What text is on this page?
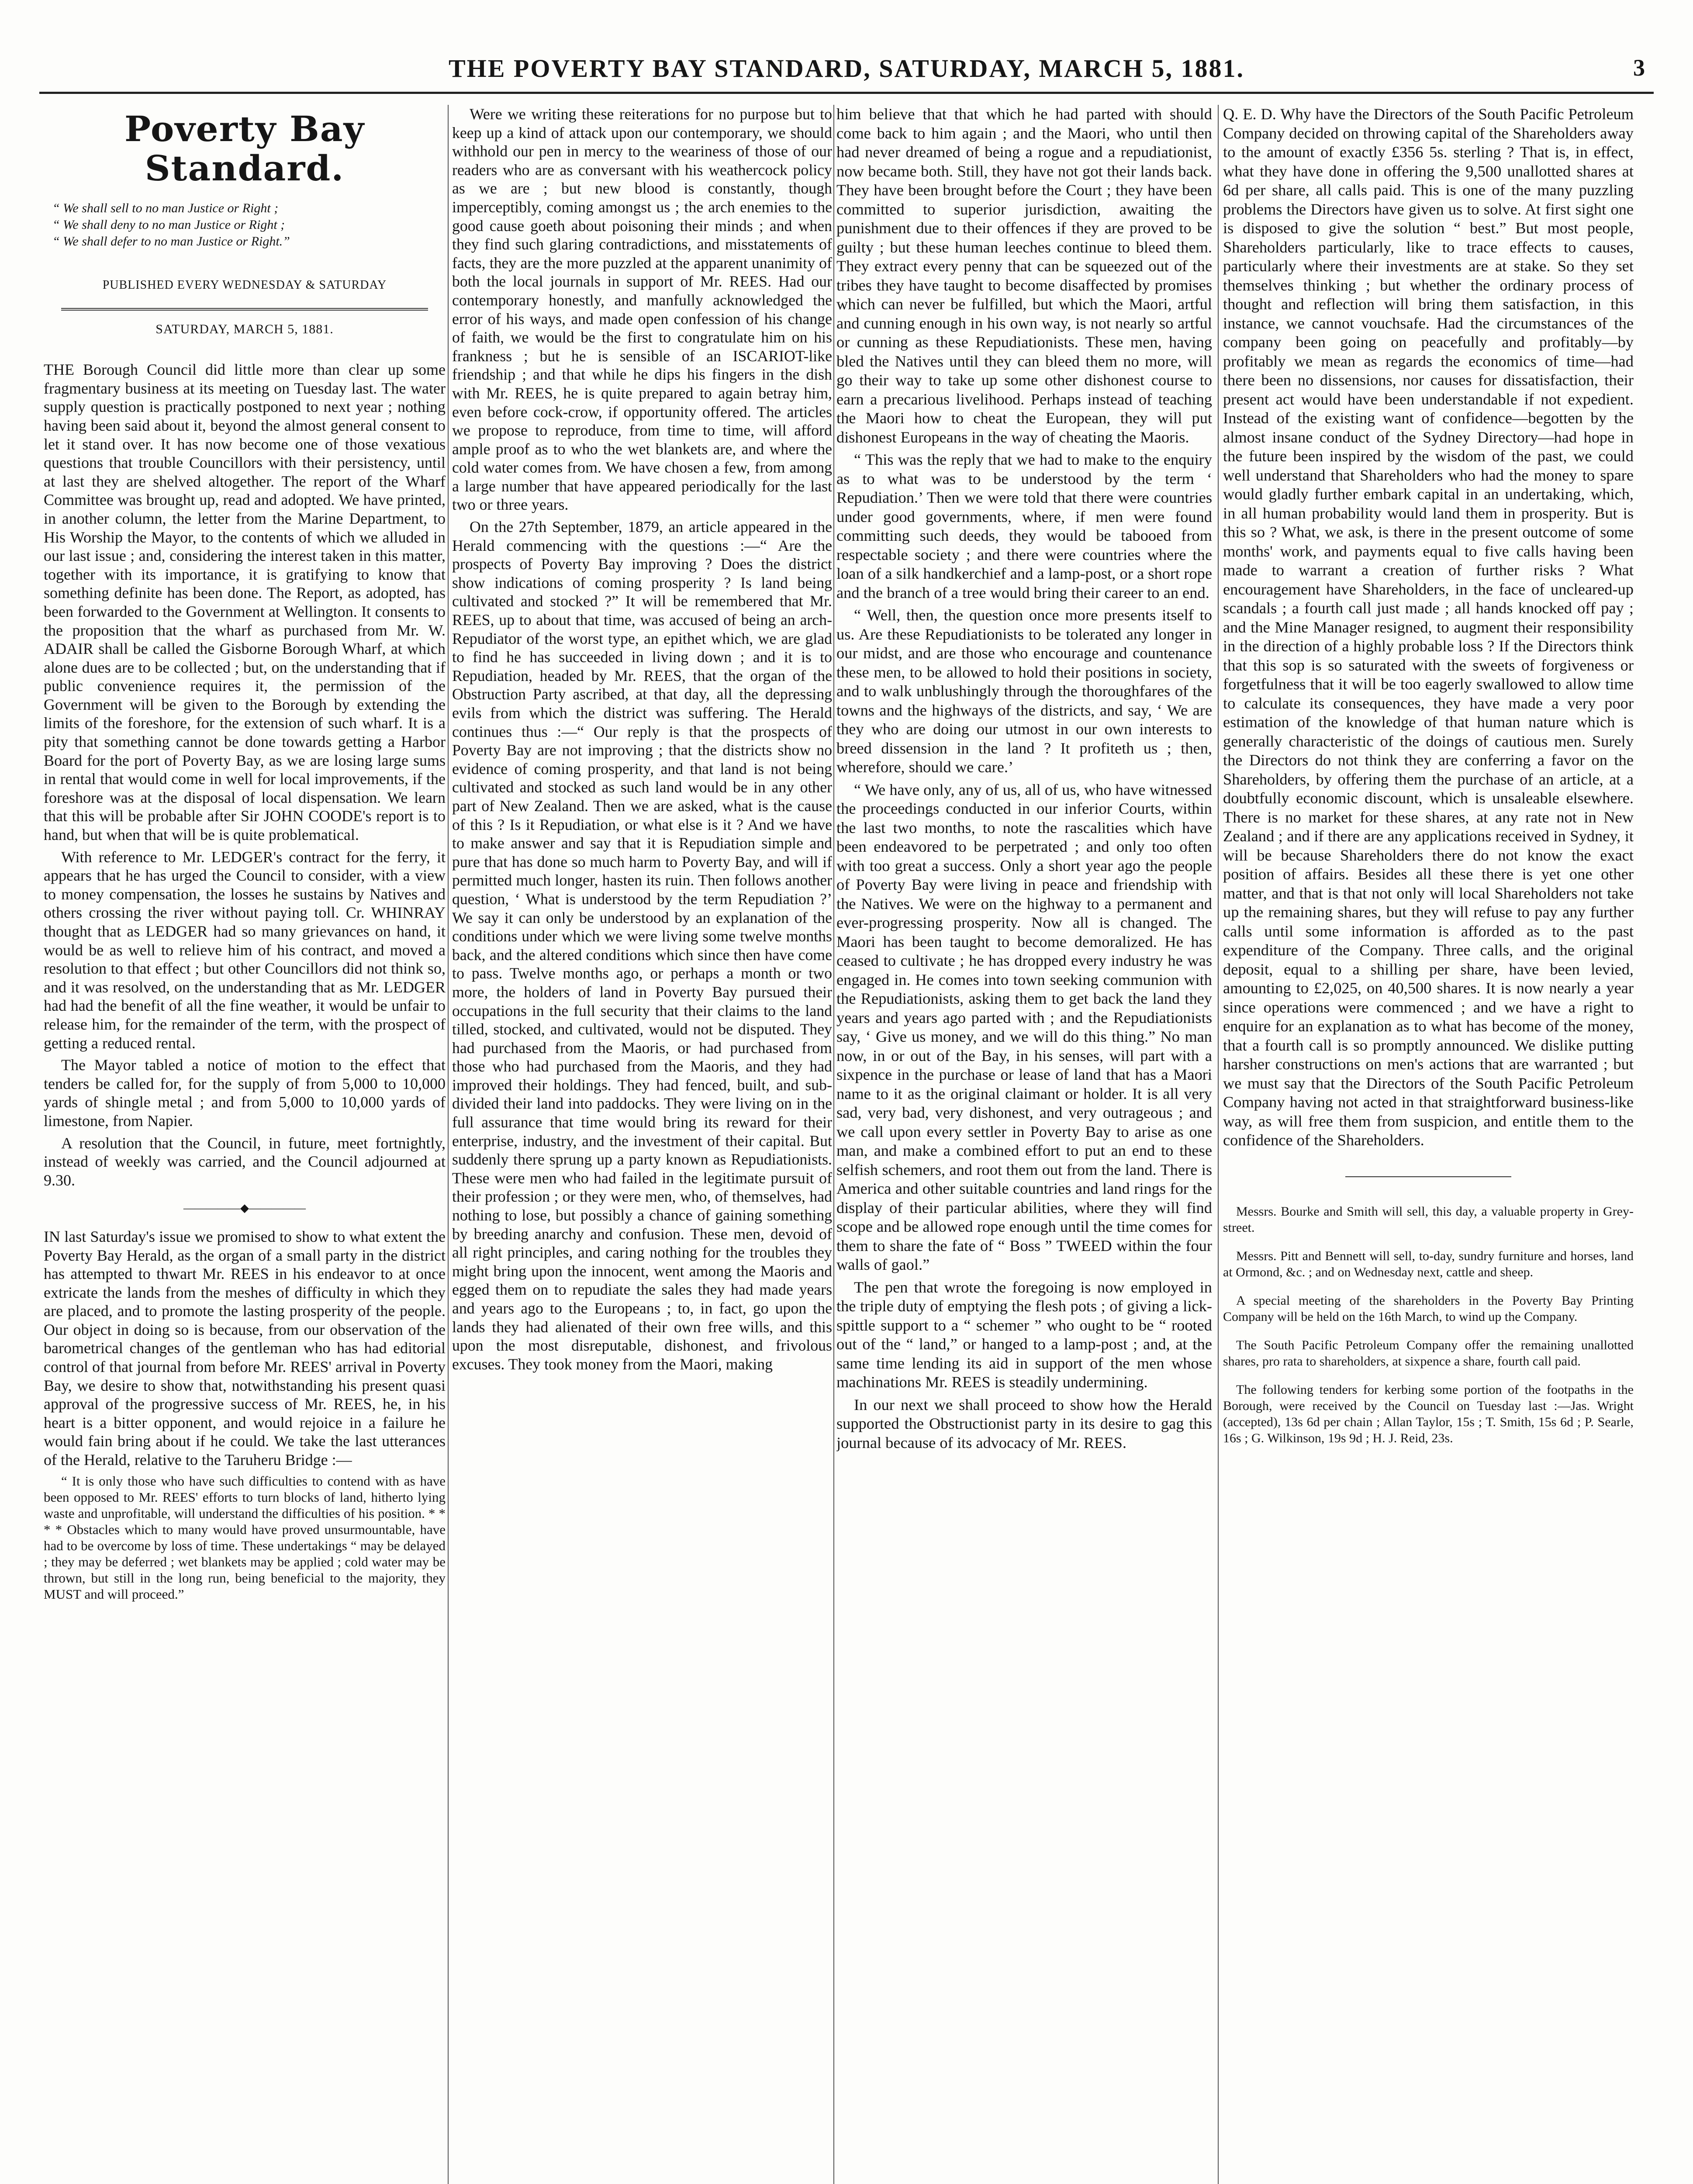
THE POVERTY BAY STANDARD, SATURDAY, MARCH 5, 1881.	3
Poverty Bay Standard.
“ We shall sell to no man Justice or Right ;
“ We shall deny to no man Justice or Right ;
“ We shall defer to no man Justice or Right.”
PUBLISHED EVERY WEDNESDAY & SATURDAY
SATURDAY, MARCH 5, 1881.

THE Borough Council did little more than clear up some fragmentary business at its meeting on Tuesday last. The water supply question is practically postponed to next year ; nothing having been said about it, beyond the almost general consent to let it stand over. It has now become one of those vexatious questions that trouble Councillors with their persistency, until at last they are shelved altogether. The report of the Wharf Committee was brought up, read and adopted. We have printed, in another column, the letter from the Marine Department, to His Worship the Mayor, to the contents of which we alluded in our last issue ; and, considering the interest taken in this matter, together with its importance, it is gratifying to know that something definite has been done. The Report, as adopted, has been forwarded to the Government at Wellington. It consents to the proposition that the wharf as purchased from Mr. W. ADAIR shall be called the Gisborne Borough Wharf, at which alone dues are to be collected ; but, on the understanding that if public convenience requires it, the permission of the Government will be given to the Borough by extending the limits of the foreshore, for the extension of such wharf. It is a pity that something cannot be done towards getting a Harbor Board for the port of Poverty Bay, as we are losing large sums in rental that would come in well for local improvements, if the foreshore was at the disposal of local dispensation. We learn that this will be probable after Sir JOHN COODE's report is to hand, but when that will be is quite problematical.

With reference to Mr. LEDGER's contract for the ferry, it appears that he has urged the Council to consider, with a view to money compensation, the losses he sustains by Natives and others crossing the river without paying toll. Cr. WHINRAY thought that as LEDGER had so many grievances on hand, it would be as well to relieve him of his contract, and moved a resolution to that effect ; but other Councillors did not think so, and it was resolved, on the understanding that as Mr. LEDGER had had the benefit of all the fine weather, it would be unfair to release him, for the remainder of the term, with the prospect of getting a reduced rental.

The Mayor tabled a notice of motion to the effect that tenders be called for, for the supply of from 5,000 to 10,000 yards of shingle metal ; and from 5,000 to 10,000 yards of limestone, from Napier.

A resolution that the Council, in future, meet fortnightly, instead of weekly was carried, and the Council adjourned at 9.30.

—————◆—————

IN last Saturday's issue we promised to show to what extent the Poverty Bay Herald, as the organ of a small party in the district has attempted to thwart Mr. REES in his endeavor to at once extricate the lands from the meshes of difficulty in which they are placed, and to promote the lasting prosperity of the people. Our object in doing so is because, from our observation of the barometrical changes of the gentleman who has had editorial control of that journal from before Mr. REES' arrival in Poverty Bay, we desire to show that, notwithstanding his present quasi approval of the progressive success of Mr. REES, he, in his heart is a bitter opponent, and would rejoice in a failure he would fain bring about if he could. We take the last utterances of the Herald, relative to the Taruheru Bridge :—

“ It is only those who have such difficulties to contend with as have been opposed to Mr. REES' efforts to turn blocks of land, hitherto lying waste and unprofitable, will understand the difficulties of his position. * * * * Obstacles which to many would have proved unsurmountable, have had to be overcome by loss of time. These undertakings “ may be delayed ; they may be deferred ; wet blankets may be applied ; cold water may be thrown, but still in the long run, being beneficial to the majority, they MUST and will proceed.”

Were we writing these reiterations for no purpose but to keep up a kind of attack upon our contemporary, we should withhold our pen in mercy to the weariness of those of our readers who are as conversant with his weathercock policy as we are ; but new blood is constantly, though imperceptibly, coming amongst us ; the arch enemies to the good cause goeth about poisoning their minds ; and when they find such glaring contradictions, and misstatements of facts, they are the more puzzled at the apparent unanimity of both the local journals in support of Mr. REES. Had our contemporary honestly, and manfully acknowledged the error of his ways, and made open confession of his change of faith, we would be the first to congratulate him on his frankness ; but he is sensible of an ISCARIOT-like friendship ; and that while he dips his fingers in the dish with Mr. REES, he is quite prepared to again betray him, even before cock-crow, if opportunity offered. The articles we propose to reproduce, from time to time, will afford ample proof as to who the wet blankets are, and where the cold water comes from. We have chosen a few, from among a large number that have appeared periodically for the last two or three years.

On the 27th September, 1879, an article appeared in the Herald commencing with the questions :—“ Are the prospects of Poverty Bay improving ? Does the district show indications of coming prosperity ? Is land being cultivated and stocked ?” It will be remembered that Mr. REES, up to about that time, was accused of being an arch-Repudiator of the worst type, an epithet which, we are glad to find he has succeeded in living down ; and it is to Repudiation, headed by Mr. REES, that the organ of the Obstruction Party ascribed, at that day, all the depressing evils from which the district was suffering. The Herald continues thus :—“ Our reply is that the prospects of Poverty Bay are not improving ; that the districts show no evidence of coming prosperity, and that land is not being cultivated and stocked as such land would be in any other part of New Zealand. Then we are asked, what is the cause of this ? Is it Repudiation, or what else is it ? And we have to make answer and say that it is Repudiation simple and pure that has done so much harm to Poverty Bay, and will if permitted much longer, hasten its ruin. Then follows another question, ‘ What is understood by the term Repudiation ?’ We say it can only be understood by an explanation of the conditions under which we were living some twelve months back, and the altered conditions which since then have come to pass. Twelve months ago, or perhaps a month or two more, the holders of land in Poverty Bay pursued their occupations in the full security that their claims to the land tilled, stocked, and cultivated, would not be disputed. They had purchased from the Maoris, or had purchased from those who had purchased from the Maoris, and they had improved their holdings. They had fenced, built, and sub-divided their land into paddocks. They were living on in the full assurance that time would bring its reward for their enterprise, industry, and the investment of their capital. But suddenly there sprung up a party known as Repudiationists. These were men who had failed in the legitimate pursuit of their profession ; or they were men, who, of themselves, had nothing to lose, but possibly a chance of gaining something by breeding anarchy and confusion. These men, devoid of all right principles, and caring nothing for the troubles they might bring upon the innocent, went among the Maoris and egged them on to repudiate the sales they had made years and years ago to the Europeans ; to, in fact, go upon the lands they had alienated of their own free wills, and this upon the most disreputable, dishonest, and frivolous excuses. They took money from the Maori, making

him believe that that which he had parted with should come back to him again ; and the Maori, who until then had never dreamed of being a rogue and a repudiationist, now became both. Still, they have not got their lands back. They have been brought before the Court ; they have been committed to superior jurisdiction, awaiting the punishment due to their offences if they are proved to be guilty ; but these human leeches continue to bleed them. They extract every penny that can be squeezed out of the tribes they have taught to become disaffected by promises which can never be fulfilled, but which the Maori, artful and cunning enough in his own way, is not nearly so artful or cunning as these Repudiationists. These men, having bled the Natives until they can bleed them no more, will go their way to take up some other dishonest course to earn a precarious livelihood. Perhaps instead of teaching the Maori how to cheat the European, they will put dishonest Europeans in the way of cheating the Maoris.

“ This was the reply that we had to make to the enquiry as to what was to be understood by the term ‘ Repudiation.’ Then we were told that there were countries under good governments, where, if men were found committing such deeds, they would be tabooed from respectable society ; and there were countries where the loan of a silk handkerchief and a lamp-post, or a short rope and the branch of a tree would bring their career to an end.

“ Well, then, the question once more presents itself to us. Are these Repudiationists to be tolerated any longer in our midst, and are those who encourage and countenance these men, to be allowed to hold their positions in society, and to walk unblushingly through the thoroughfares of the towns and the highways of the districts, and say, ‘ We are they who are doing our utmost in our own interests to breed dissension in the land ? It profiteth us ; then, wherefore, should we care.’

“ We have only, any of us, all of us, who have witnessed the proceedings conducted in our inferior Courts, within the last two months, to note the rascalities which have been endeavored to be perpetrated ; and only too often with too great a success. Only a short year ago the people of Poverty Bay were living in peace and friendship with the Natives. We were on the highway to a permanent and ever-progressing prosperity. Now all is changed. The Maori has been taught to become demoralized. He has ceased to cultivate ; he has dropped every industry he was engaged in. He comes into town seeking communion with the Repudiationists, asking them to get back the land they years and years ago parted with ; and the Repudiationists say, ‘ Give us money, and we will do this thing.” No man now, in or out of the Bay, in his senses, will part with a sixpence in the purchase or lease of land that has a Maori name to it as the original claimant or holder. It is all very sad, very bad, very dishonest, and very outrageous ; and we call upon every settler in Poverty Bay to arise as one man, and make a combined effort to put an end to these selfish schemers, and root them out from the land. There is America and other suitable countries and land rings for the display of their particular abilities, where they will find scope and be allowed rope enough until the time comes for them to share the fate of “ Boss ” TWEED within the four walls of gaol.”

The pen that wrote the foregoing is now employed in the triple duty of emptying the flesh pots ; of giving a lick-spittle support to a “ schemer ” who ought to be “ rooted out of the “ land,” or hanged to a lamp-post ; and, at the same time lending its aid in support of the men whose machinations Mr. REES is steadily undermining.

In our next we shall proceed to show how the Herald supported the Obstructionist party in its desire to gag this journal because of its advocacy of Mr. REES.

Q. E. D. Why have the Directors of the South Pacific Petroleum Company decided on throwing capital of the Shareholders away to the amount of exactly £356 5s. sterling ? That is, in effect, what they have done in offering the 9,500 unallotted shares at 6d per share, all calls paid. This is one of the many puzzling problems the Directors have given us to solve. At first sight one is disposed to give the solution “ best.” But most people, Shareholders particularly, like to trace effects to causes, particularly where their investments are at stake. So they set themselves thinking ; but whether the ordinary process of thought and reflection will bring them satisfaction, in this instance, we cannot vouchsafe. Had the circumstances of the company been going on peacefully and profitably—by profitably we mean as regards the economics of time—had there been no dissensions, nor causes for dissatisfaction, their present act would have been understandable if not expedient. Instead of the existing want of confidence—begotten by the almost insane conduct of the Sydney Directory—had hope in the future been inspired by the wisdom of the past, we could well understand that Shareholders who had the money to spare would gladly further embark capital in an undertaking, which, in all human probability would land them in prosperity. But is this so ? What, we ask, is there in the present outcome of some months' work, and payments equal to five calls having been made to warrant a creation of further risks ? What encouragement have Shareholders, in the face of uncleared-up scandals ; a fourth call just made ; all hands knocked off pay ; and the Mine Manager resigned, to augment their responsibility in the direction of a highly probable loss ? If the Directors think that this sop is so saturated with the sweets of forgiveness or forgetfulness that it will be too eagerly swallowed to allow time to calculate its consequences, they have made a very poor estimation of the knowledge of that human nature which is generally characteristic of the doings of cautious men. Surely the Directors do not think they are conferring a favor on the Shareholders, by offering them the purchase of an article, at a doubtfully economic discount, which is unsaleable elsewhere. There is no market for these shares, at any rate not in New Zealand ; and if there are any applications received in Sydney, it will be because Shareholders there do not know the exact position of affairs. Besides all these there is yet one other matter, and that is that not only will local Shareholders not take up the remaining shares, but they will refuse to pay any further calls until some information is afforded as to the past expenditure of the Company. Three calls, and the original deposit, equal to a shilling per share, have been levied, amounting to £2,025, on 40,500 shares. It is now nearly a year since operations were commenced ; and we have a right to enquire for an explanation as to what has become of the money, that a fourth call is so promptly announced. We dislike putting harsher constructions on men's actions that are warranted ; but we must say that the Directors of the South Pacific Petroleum Company having not acted in that straightforward business-like way, as will free them from suspicion, and entitle them to the confidence of the Shareholders.

Messrs. Bourke and Smith will sell, this day, a valuable property in Grey-street.

Messrs. Pitt and Bennett will sell, to-day, sundry furniture and horses, land at Ormond, &c. ; and on Wednesday next, cattle and sheep.

A special meeting of the shareholders in the Poverty Bay Printing Company will be held on the 16th March, to wind up the Company.

The South Pacific Petroleum Company offer the remaining unallotted shares, pro rata to shareholders, at sixpence a share, fourth call paid.

The following tenders for kerbing some portion of the footpaths in the Borough, were received by the Council on Tuesday last :—Jas. Wright (accepted), 13s 6d per chain ; Allan Taylor, 15s ; T. Smith, 15s 6d ; P. Searle, 16s ; G. Wilkinson, 19s 9d ; H. J. Reid, 23s.
